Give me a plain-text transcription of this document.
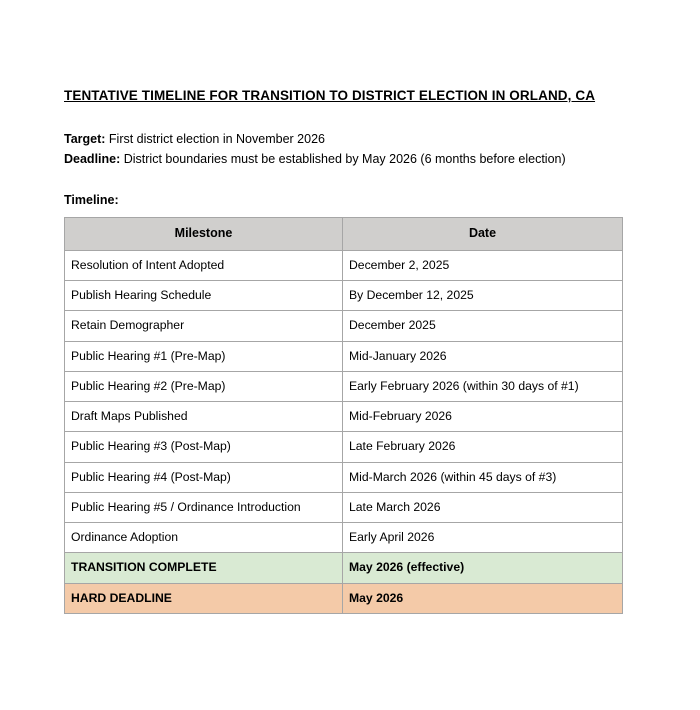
TENTATIVE TIMELINE FOR TRANSITION TO DISTRICT ELECTION IN ORLAND, CA

Target: First district election in November 2026

Deadline: District boundaries must be established by May 2026 (6 months before election)

Timeline:

Milestone	Date
Resolution of Intent Adopted	December 2, 2025
Publish Hearing Schedule	By December 12, 2025
Retain Demographer	December 2025
Public Hearing #1 (Pre-Map)	Mid-January 2026
Public Hearing #2 (Pre-Map)	Early February 2026 (within 30 days of #1)
Draft Maps Published	Mid-February 2026
Public Hearing #3 (Post-Map)	Late February 2026
Public Hearing #4 (Post-Map)	Mid-March 2026 (within 45 days of #3)
Public Hearing #5 / Ordinance Introduction	Late March 2026
Ordinance Adoption	Early April 2026
TRANSITION COMPLETE	May 2026 (effective)
HARD DEADLINE	May 2026
